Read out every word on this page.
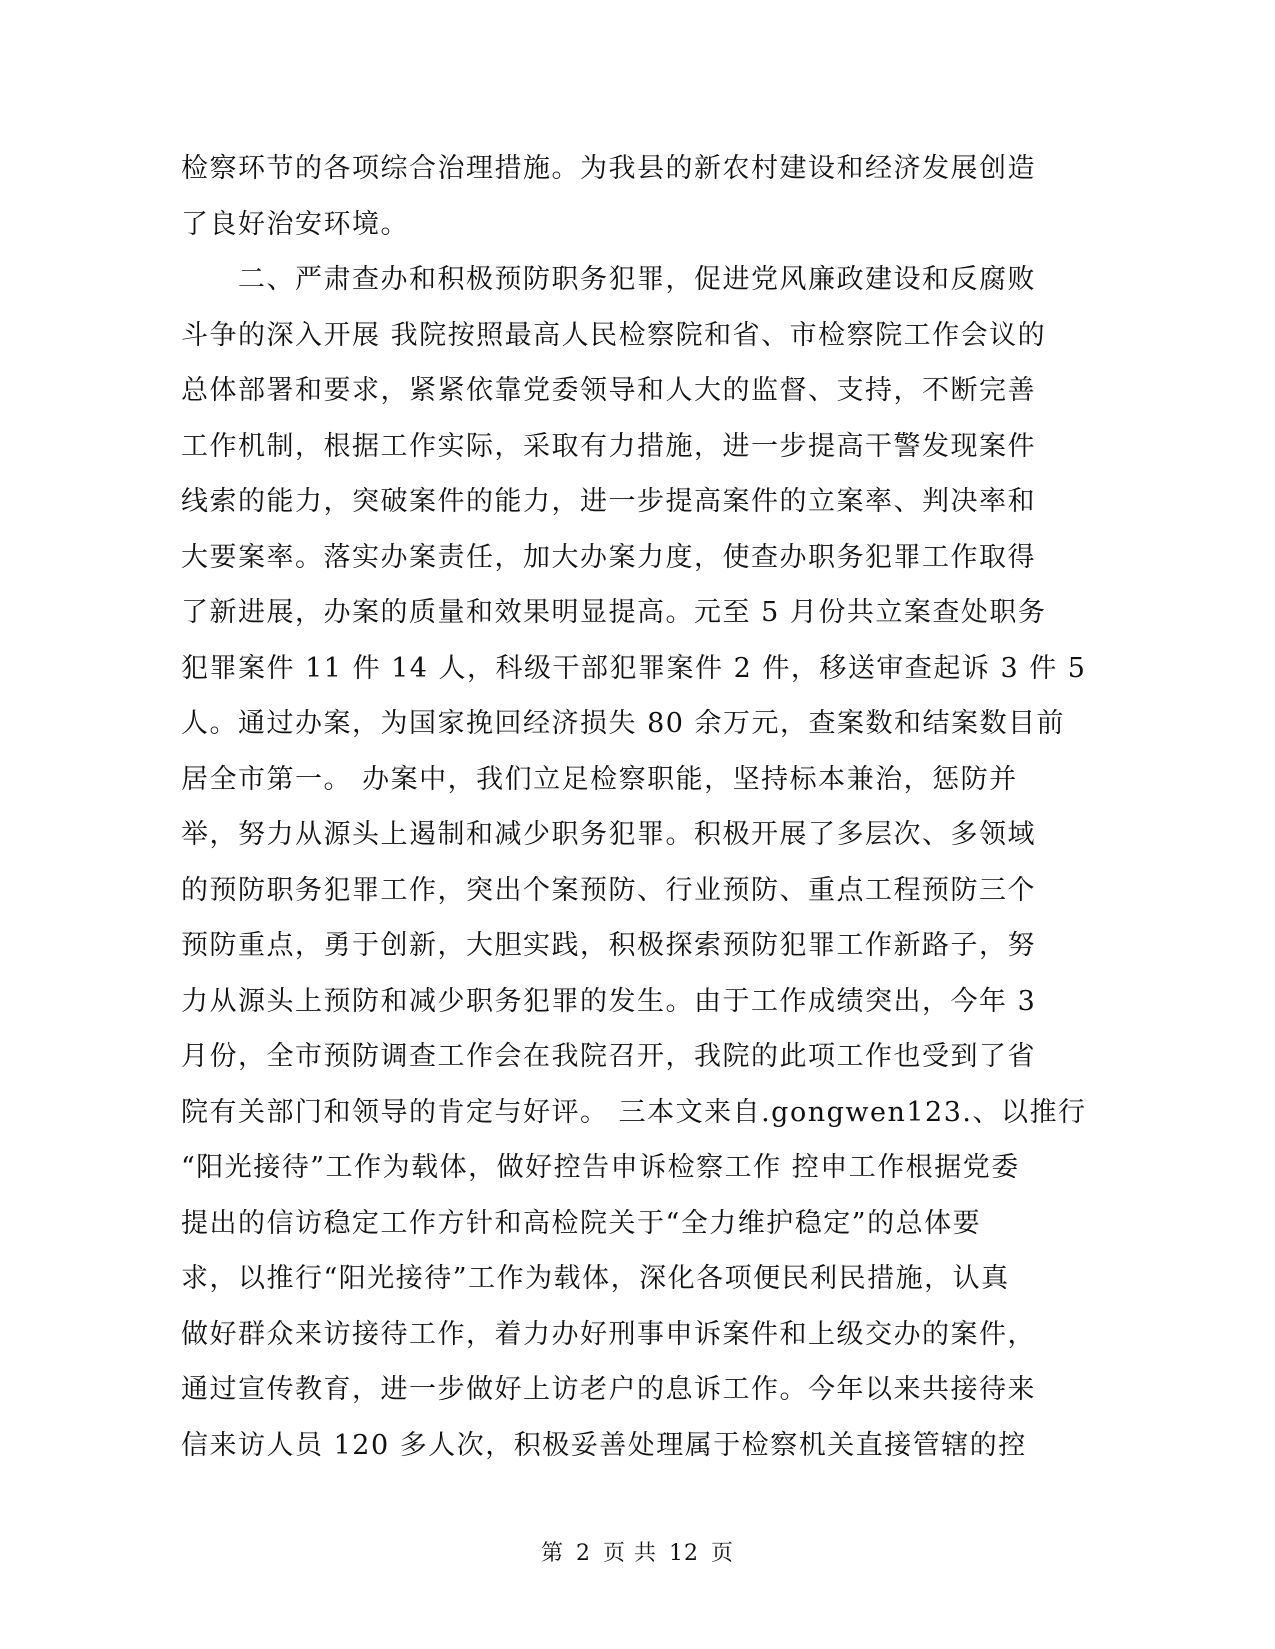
检察环节的各项综合治理措施。为我县的新农村建设和经济发展创造
了良好治安环境。
　　二、严肃查办和积极预防职务犯罪，促进党风廉政建设和反腐败
斗争的深入开展 我院按照最高人民检察院和省、市检察院工作会议的
总体部署和要求，紧紧依靠党委领导和人大的监督、支持，不断完善
工作机制，根据工作实际，采取有力措施，进一步提高干警发现案件
线索的能力，突破案件的能力，进一步提高案件的立案率、判决率和
大要案率。落实办案责任，加大办案力度，使查办职务犯罪工作取得
了新进展，办案的质量和效果明显提高。元至 5 月份共立案查处职务
犯罪案件 11 件 14 人，科级干部犯罪案件 2 件，移送审查起诉 3 件 5
人。通过办案，为国家挽回经济损失 80 余万元，查案数和结案数目前
居全市第一。 办案中，我们立足检察职能，坚持标本兼治，惩防并
举，努力从源头上遏制和减少职务犯罪。积极开展了多层次、多领域
的预防职务犯罪工作，突出个案预防、行业预防、重点工程预防三个
预防重点，勇于创新，大胆实践，积极探索预防犯罪工作新路子，努
力从源头上预防和减少职务犯罪的发生。由于工作成绩突出，今年 3
月份，全市预防调查工作会在我院召开，我院的此项工作也受到了省
院有关部门和领导的肯定与好评。 三本文来自.gongwen123.、以推行
“阳光接待”工作为载体，做好控告申诉检察工作 控申工作根据党委
提出的信访稳定工作方针和高检院关于“全力维护稳定”的总体要
求，以推行“阳光接待”工作为载体，深化各项便民利民措施，认真
做好群众来访接待工作，着力办好刑事申诉案件和上级交办的案件，
通过宣传教育，进一步做好上访老户的息诉工作。今年以来共接待来
信来访人员 120 多人次，积极妥善处理属于检察机关直接管辖的控
第 2 页 共 12 页
